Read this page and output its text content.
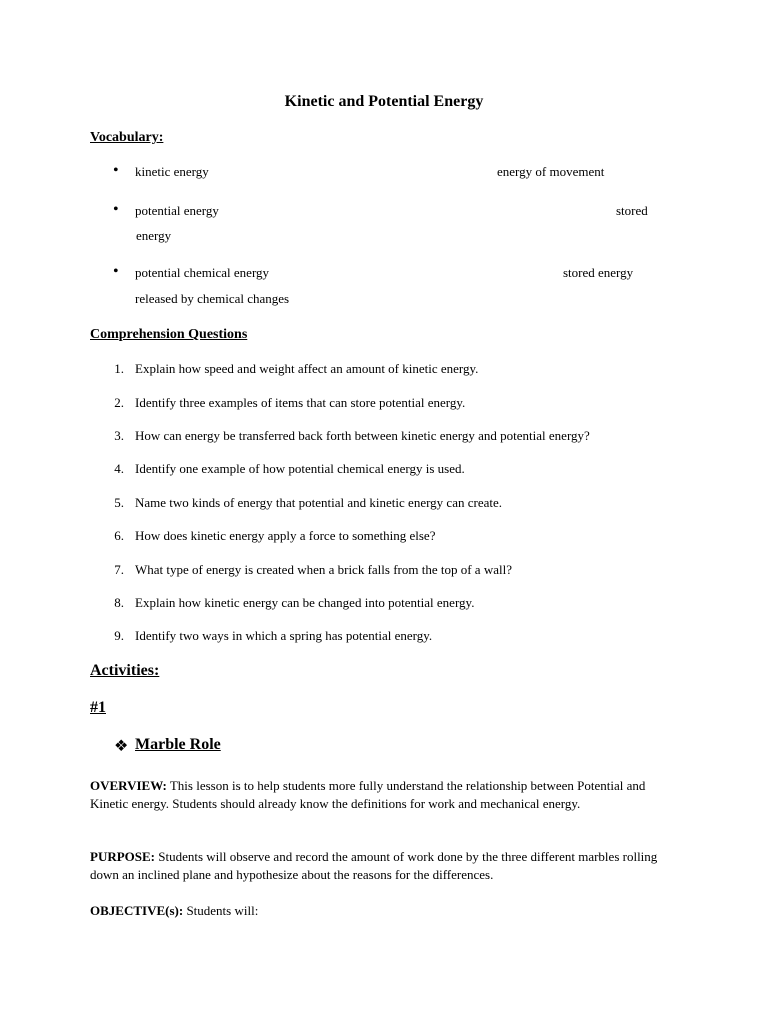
Kinetic and Potential Energy
Vocabulary:
• kinetic energy	energy of movement
• potential energy	stored
energy
• potential chemical energy	stored energy
released by chemical changes
Comprehension Questions
1. Explain how speed and weight affect an amount of kinetic energy.
2. Identify three examples of items that can store potential energy.
3. How can energy be transferred back forth between kinetic energy and potential energy?
4. Identify one example of how potential chemical energy is used.
5. Name two kinds of energy that potential and kinetic energy can create.
6. How does kinetic energy apply a force to something else?
7. What type of energy is created when a brick falls from the top of a wall?
8. Explain how kinetic energy can be changed into potential energy.
9. Identify two ways in which a spring has potential energy.
Activities:
#1
❖ Marble Role
OVERVIEW: This lesson is to help students more fully understand the relationship between Potential and Kinetic energy. Students should already know the definitions for work and mechanical energy.
PURPOSE: Students will observe and record the amount of work done by the three different marbles rolling down an inclined plane and hypothesize about the reasons for the differences.
OBJECTIVE(s): Students will:
